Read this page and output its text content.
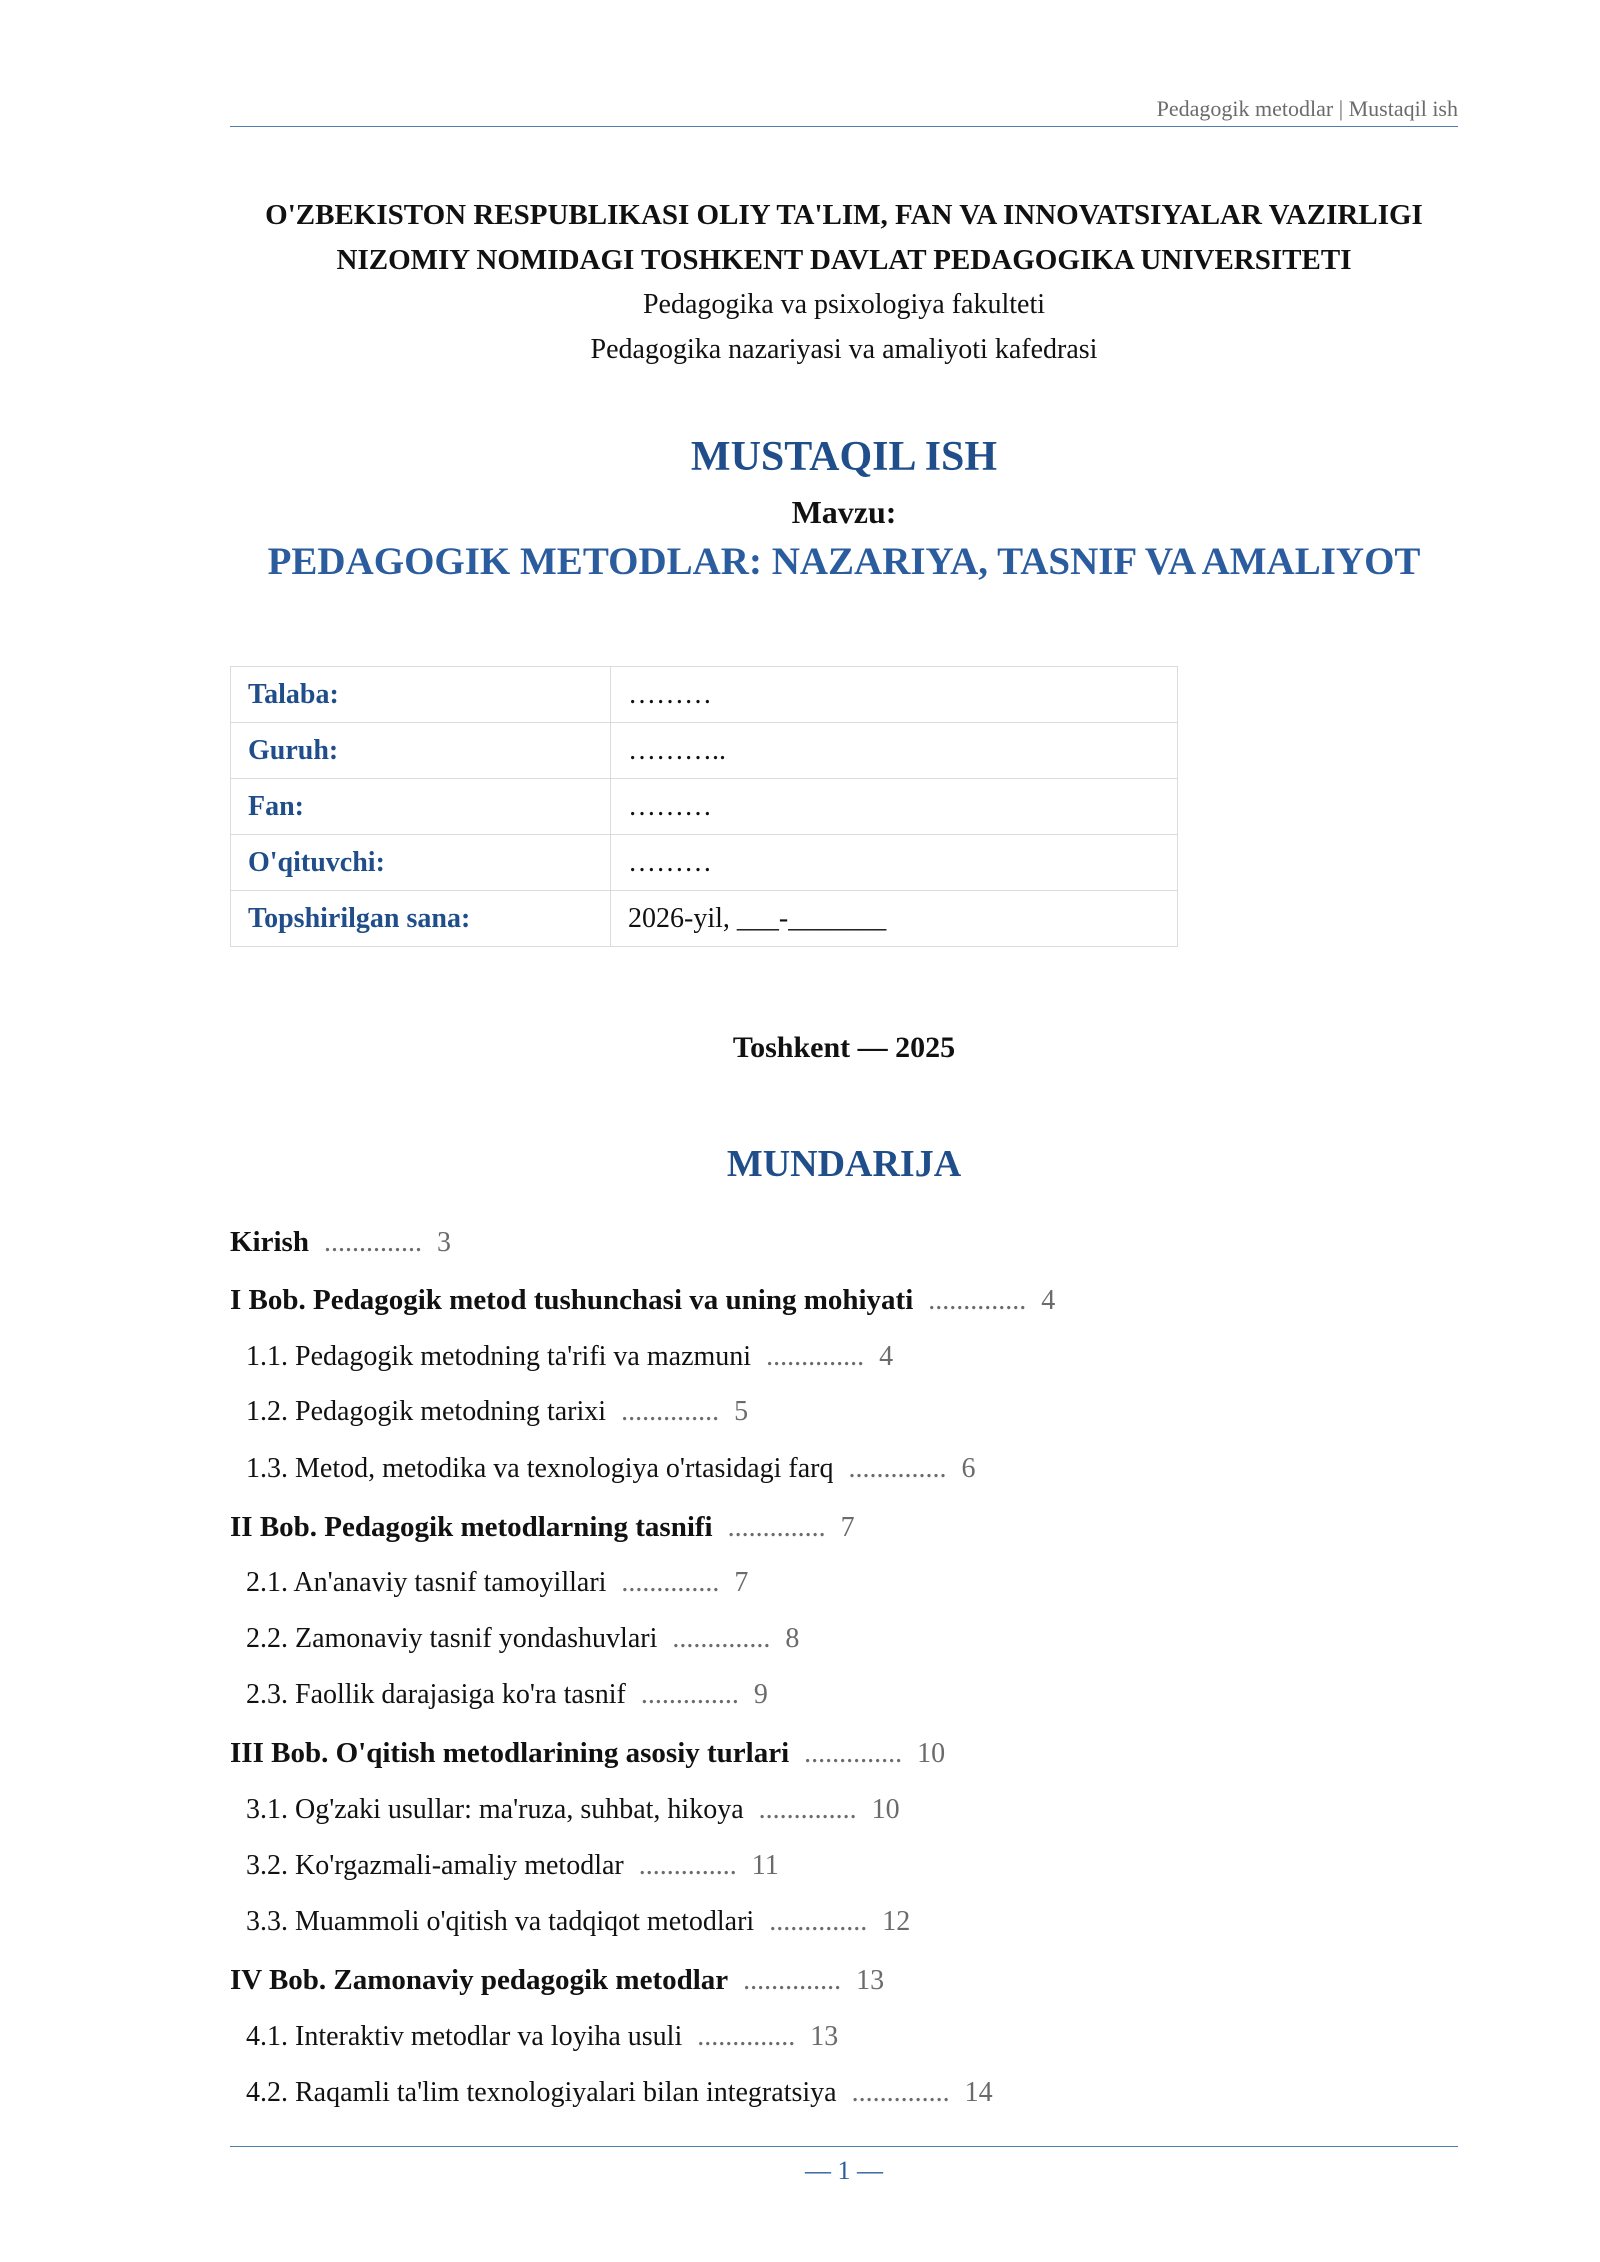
Pedagogik metodlar | Mustaqil ish
O'ZBEKISTON RESPUBLIKASI OLIY TA'LIM, FAN VA INNOVATSIYALAR VAZIRLIGI
NIZOMIY NOMIDAGI TOSHKENT DAVLAT PEDAGOGIKA UNIVERSITETI
Pedagogika va psixologiya fakulteti
Pedagogika nazariyasi va amaliyoti kafedrasi
MUSTAQIL ISH
Mavzu:
PEDAGOGIK METODLAR: NAZARIYA, TASNIF VA AMALIYOT
Talaba:	………
Guruh:	………..
Fan:	………
O'qituvchi:	………
Topshirilgan sana:	2026-yil, ___-_______
Toshkent — 2025
MUNDARIJA
Kirish .............. 3
I Bob. Pedagogik metod tushunchasi va uning mohiyati .............. 4
1.1. Pedagogik metodning ta'rifi va mazmuni .............. 4
1.2. Pedagogik metodning tarixi .............. 5
1.3. Metod, metodika va texnologiya o'rtasidagi farq .............. 6
II Bob. Pedagogik metodlarning tasnifi .............. 7
2.1. An'anaviy tasnif tamoyillari .............. 7
2.2. Zamonaviy tasnif yondashuvlari .............. 8
2.3. Faollik darajasiga ko'ra tasnif .............. 9
III Bob. O'qitish metodlarining asosiy turlari .............. 10
3.1. Og'zaki usullar: ma'ruza, suhbat, hikoya .............. 10
3.2. Ko'rgazmali-amaliy metodlar .............. 11
3.3. Muammoli o'qitish va tadqiqot metodlari .............. 12
IV Bob. Zamonaviy pedagogik metodlar .............. 13
4.1. Interaktiv metodlar va loyiha usuli .............. 13
4.2. Raqamli ta'lim texnologiyalari bilan integratsiya .............. 14
— 1 —
